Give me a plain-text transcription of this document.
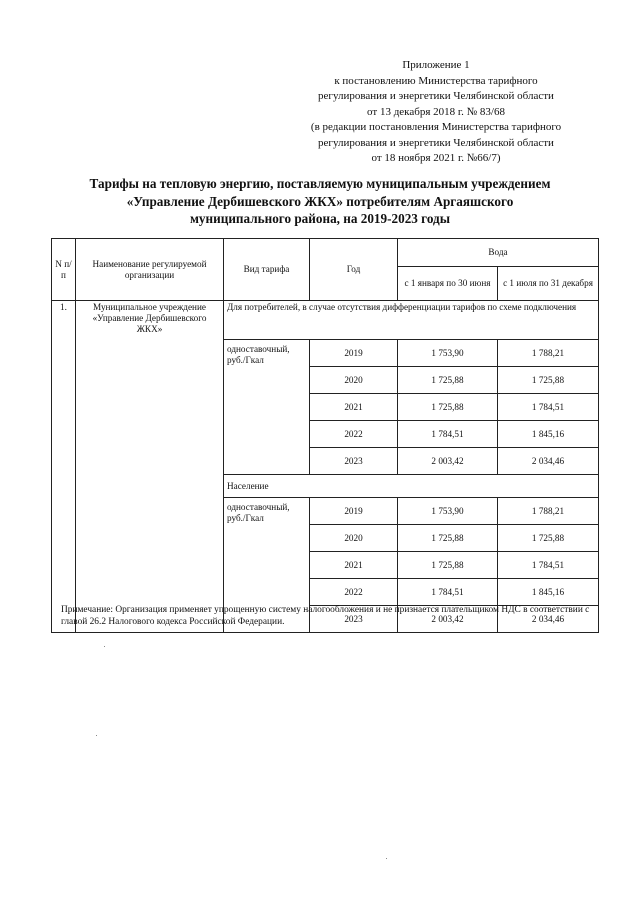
Приложение 1
к постановлению Министерства тарифного
регулирования и энергетики Челябинской области
от 13 декабря 2018 г. № 83/68
(в редакции постановления Министерства тарифного
регулирования и энергетики Челябинской области
от 18 ноября 2021 г. №66/7)
Тарифы на тепловую энергию, поставляемую муниципальным учреждением
«Управление Дербишевского ЖКХ» потребителям Аргаяшского
муниципального района, на 2019-2023 годы
N п/п	Наименование регулируемой организации	Вид тарифа	Год	Вода	
				с 1 января по 30 июня	с 1 июля по 31 декабря
1.	Муниципальное учреждение «Управление Дербишевского ЖКХ»	Для потребителей, в случае отсутствия дифференциации тарифов по схеме подключения			
		одноставочный, руб./Гкал	2019	1 753,90	1 788,21
			2020	1 725,88	1 725,88
			2021	1 725,88	1 784,51
			2022	1 784,51	1 845,16
			2023	2 003,42	2 034,46
		Население			
		одноставочный, руб./Гкал	2019	1 753,90	1 788,21
			2020	1 725,88	1 725,88
			2021	1 725,88	1 784,51
			2022	1 784,51	1 845,16
			2023	2 003,42	2 034,46
Примечание: Организация применяет упрощенную систему налогообложения и не признается плательщиком НДС в соответствии с главой 26.2 Налогового кодекса Российской Федерации.
